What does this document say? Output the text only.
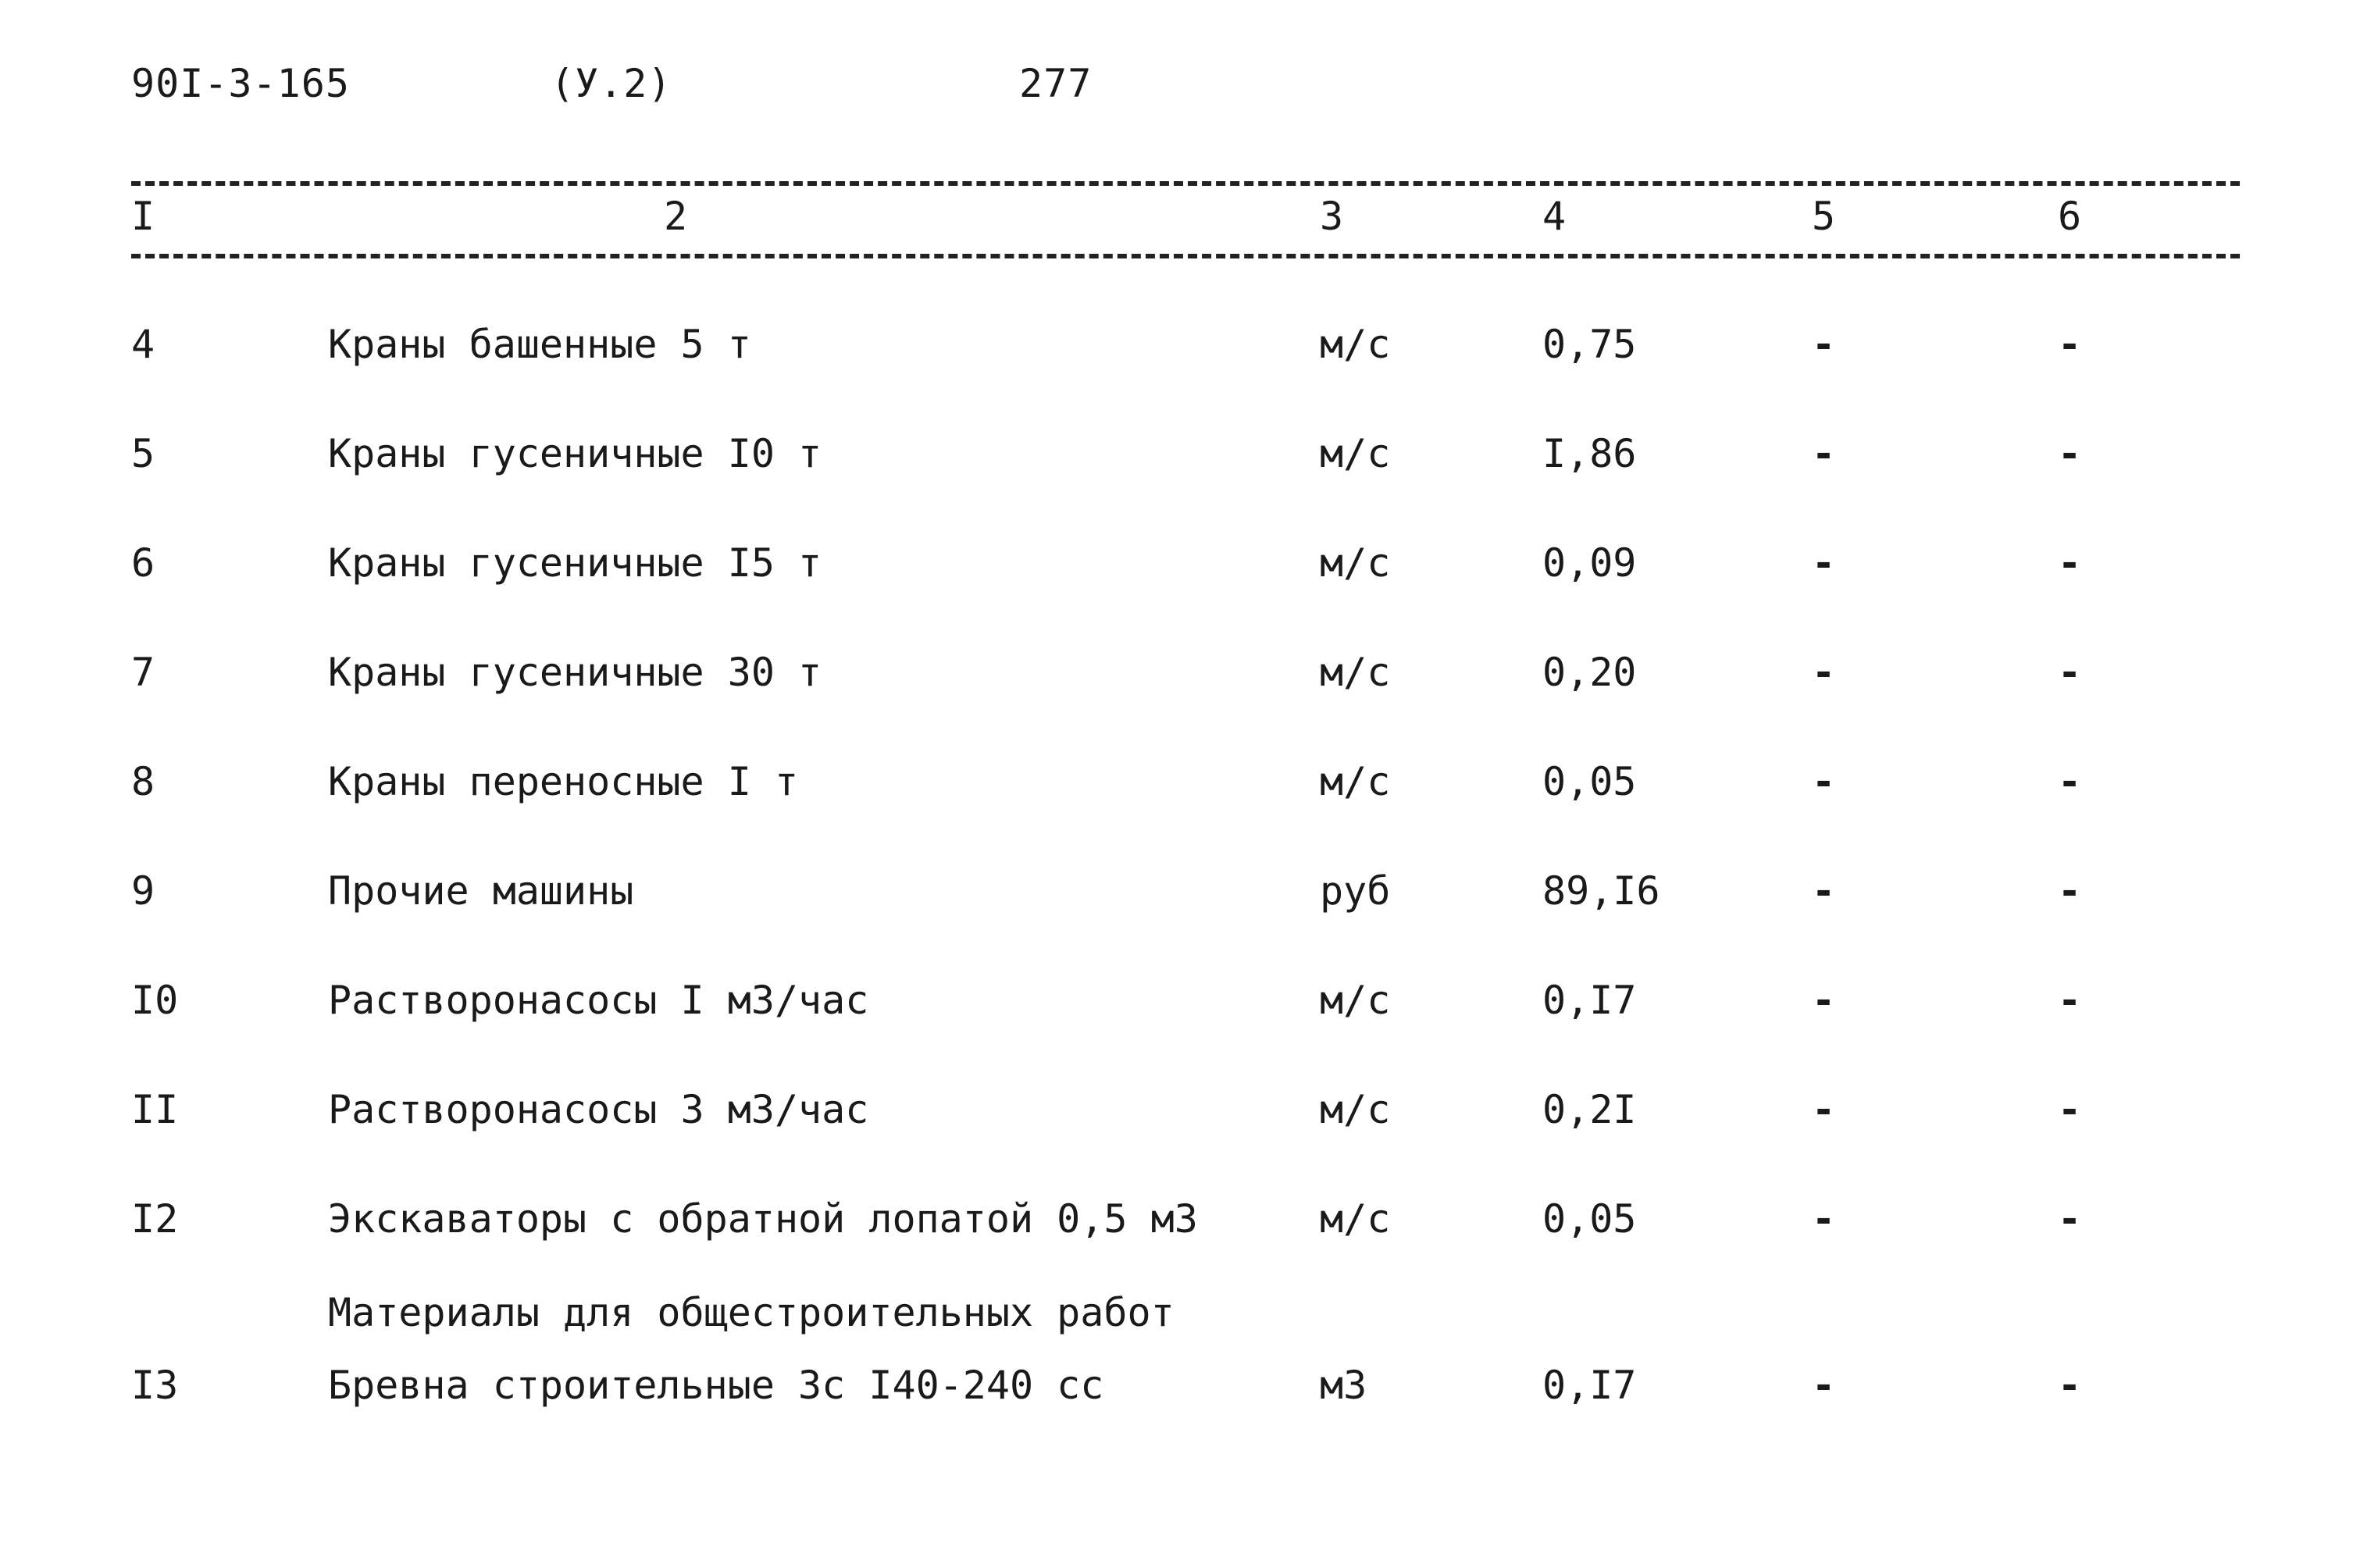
90I-3-165	(У.2)	277
I	2	3	4	5	6
4	Краны башенные 5 т	м/с	0,75	-	-
5	Краны гусеничные I0 т	м/с	I,86	-	-
6	Краны гусеничные I5 т	м/с	0,09	-	-
7	Краны гусеничные 30 т	м/с	0,20	-	-
8	Краны переносные I т	м/с	0,05	-	-
9	Прочие машины	руб	89,I6	-	-
I0	Растворонасосы I м3/час	м/с	0,I7	-	-
II	Растворонасосы 3 м3/час	м/с	0,2I	-	-
I2	Экскаваторы с обратной лопатой 0,5 м3	м/с	0,05	-	-
Материалы для общестроительных работ
I3	Бревна строительные 3с I40-240 сс	м3	0,I7	-	-
